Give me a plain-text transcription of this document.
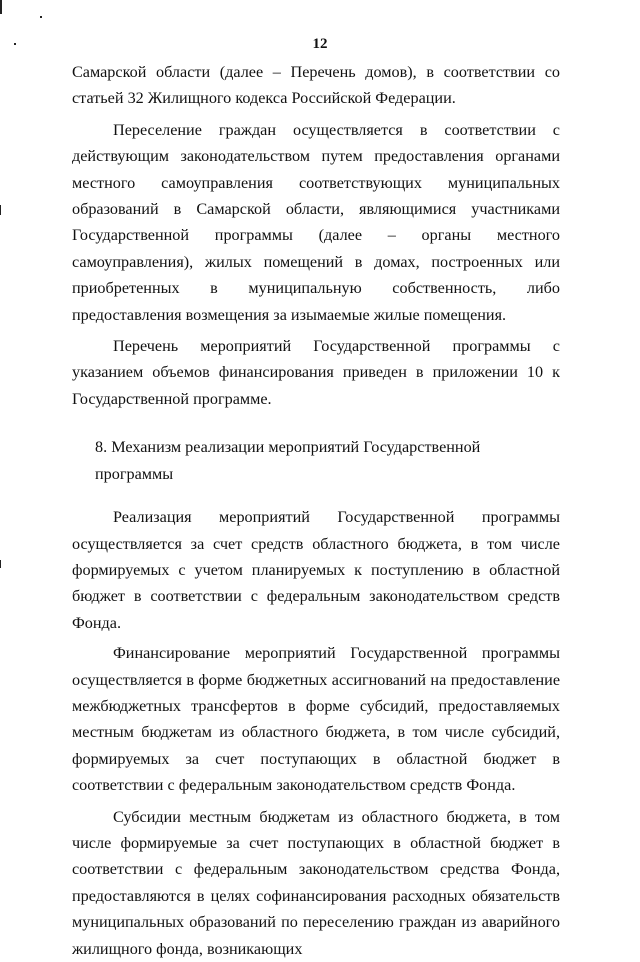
12

Самарской области (далее – Перечень домов), в соответствии со статьей 32 Жилищного кодекса Российской Федерации.

Переселение граждан осуществляется в соответствии с действующим законодательством путем предоставления органами местного самоуправления соответствующих муниципальных образований в Самарской области, являющимися участниками Государственной программы (далее – органы местного самоуправления), жилых помещений в домах, построенных или приобретенных в муниципальную собственность, либо предоставления возмещения за изымаемые жилые помещения.

Перечень мероприятий Государственной программы с указанием объемов финансирования приведен в приложении 10 к Государственной программе.

8. Механизм реализации мероприятий Государственной программы

Реализация мероприятий Государственной программы осуществляется за счет средств областного бюджета, в том числе формируемых с учетом планируемых к поступлению в областной бюджет в соответствии с федеральным законодательством средств Фонда.

Финансирование мероприятий Государственной программы осуществляется в форме бюджетных ассигнований на предоставление межбюджетных трансфертов в форме субсидий, предоставляемых местным бюджетам из областного бюджета, в том числе субсидий, формируемых за счет поступающих в областной бюджет в соответствии с федеральным законодательством средств Фонда.

Субсидии местным бюджетам из областного бюджета, в том числе формируемые за счет поступающих в областной бюджет в соответствии с федеральным законодательством средства Фонда, предоставляются в целях софинансирования расходных обязательств муниципальных образований по переселению граждан из аварийного жилищного фонда, возникающих
